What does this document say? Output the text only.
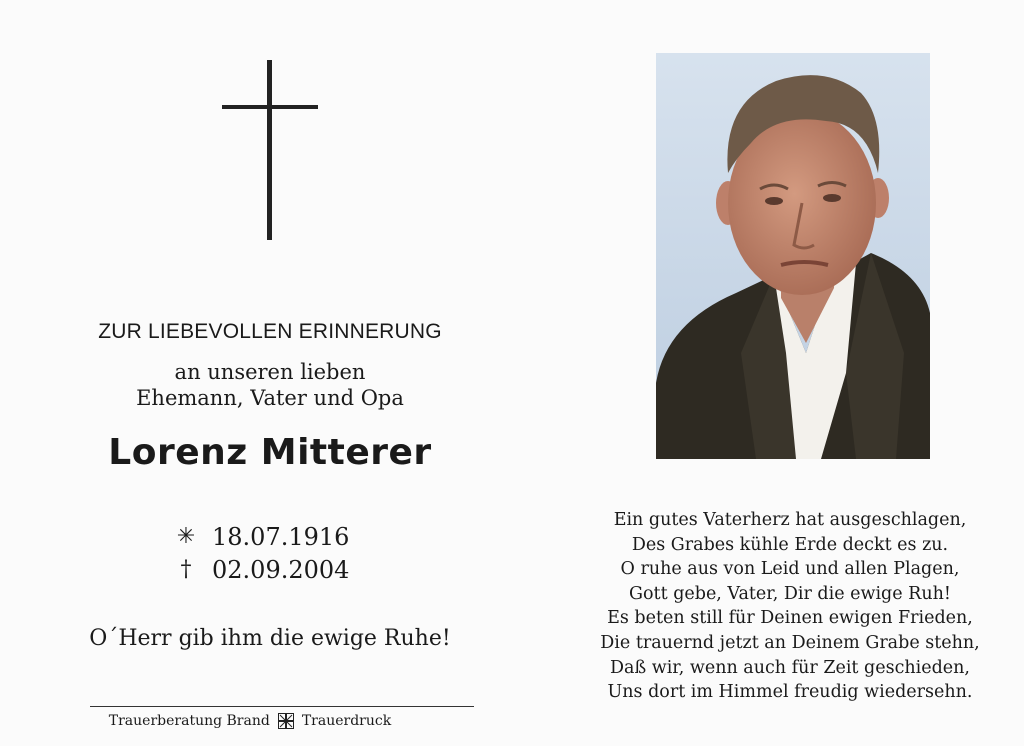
ZUR LIEBEVOLLEN ERINNERUNG
an unseren lieben
Ehemann, Vater und Opa
Lorenz Mitterer
✳ 18.07.1916
† 02.09.2004
O´Herr gib ihm die ewige Ruhe!
Trauerberatung Brand Trauerdruck
Ein gutes Vaterherz hat ausgeschlagen,
Des Grabes kühle Erde deckt es zu.
O ruhe aus von Leid und allen Plagen,
Gott gebe, Vater, Dir die ewige Ruh!
Es beten still für Deinen ewigen Frieden,
Die trauernd jetzt an Deinem Grabe stehn,
Daß wir, wenn auch für Zeit geschieden,
Uns dort im Himmel freudig wiedersehn.
